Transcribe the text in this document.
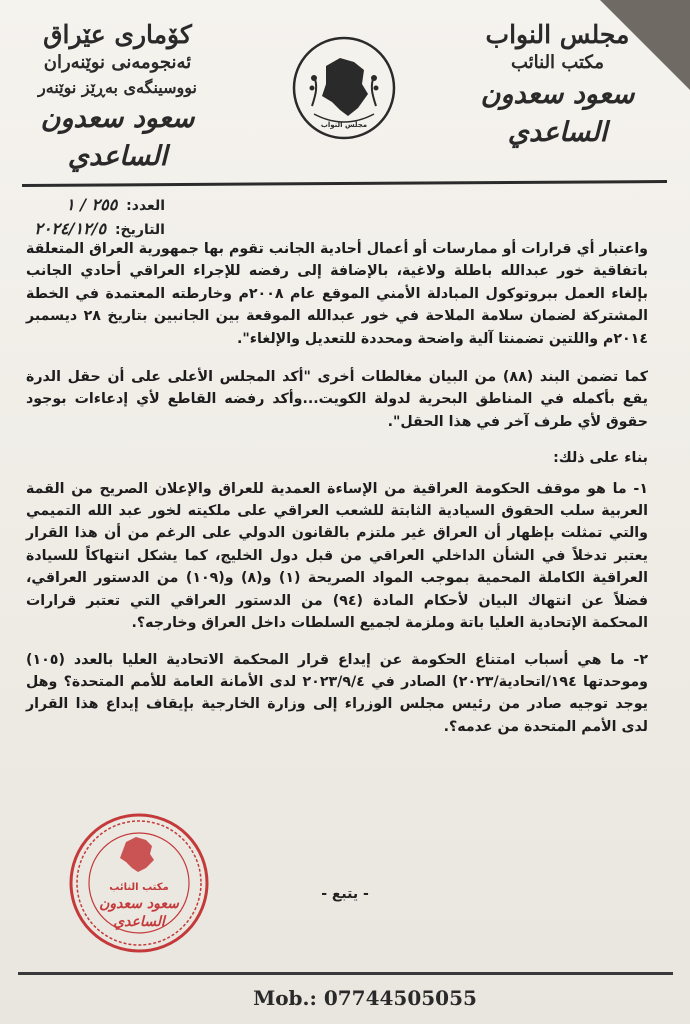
مجلس النواب
مكتب النائب
سعود سعدون الساعدي
كۆماری عێراق
ئەنجومەنی نوێنەران
نووسینگەی بەڕێز نوێنەر
سعود سعدون الساعدي
مجلس النواب
العدد: ٢٥٥ / ١
التاريخ: ٢٠٢٤/١٢/٥

واعتبار أي قرارات أو ممارسات أو أعمال أحادية الجانب تقوم بها جمهورية العراق المتعلقة باتفاقية خور عبدالله باطلة ولاغية، بالإضافة إلى رفضه للإجراء العراقي أحادي الجانب بإلغاء العمل ببروتوكول المبادلة الأمني الموقع عام ٢٠٠٨م وخارطته المعتمدة في الخطة المشتركة لضمان سلامة الملاحة في خور عبدالله الموقعة بين الجانبين بتاريخ ٢٨ ديسمبر ٢٠١٤م واللتين تضمنتا آلية واضحة ومحددة للتعديل والإلغاء".

كما تضمن البند (٨٨) من البيان مغالطات أخرى "أكد المجلس الأعلى على أن حقل الدرة يقع بأكمله في المناطق البحرية لدولة الكويت...وأكد رفضه القاطع لأي إدعاءات بوجود حقوق لأي طرف آخر في هذا الحقل".

بناء على ذلك:

١- ما هو موقف الحكومة العراقية من الإساءة العمدية للعراق والإعلان الصريح من القمة العربية سلب الحقوق السيادية الثابتة للشعب العراقي على ملكيته لخور عبد الله التميمي والتي تمثلت بإظهار أن العراق غير ملتزم بالقانون الدولي على الرغم من أن هذا القرار يعتبر تدخلاً في الشأن الداخلي العراقي من قبل دول الخليج، كما يشكل انتهاكاً للسيادة العراقية الكاملة المحمية بموجب المواد الصريحة (١) و(٨) و(١٠٩) من الدستور العراقي، فضلاً عن انتهاك البيان لأحكام المادة (٩٤) من الدستور العراقي التي تعتبر قرارات المحكمة الإتحادية العليا باتة وملزمة لجميع السلطات داخل العراق وخارجه؟.

٢- ما هي أسباب امتناع الحكومة عن إيداع قرار المحكمة الاتحادية العليا بالعدد (١٠٥) وموحدتها ١٩٤/اتحادية/٢٠٢٣) الصادر في ٢٠٢٣/٩/٤ لدى الأمانة العامة للأمم المتحدة؟ وهل يوجد توجيه صادر من رئيس مجلس الوزراء إلى وزارة الخارجية بإيقاف إيداع هذا القرار لدى الأمم المتحدة من عدمه؟.

مكتب النائب
سعود سعدون
الساعدي
- يتبع -
Mob.: 07744505055
